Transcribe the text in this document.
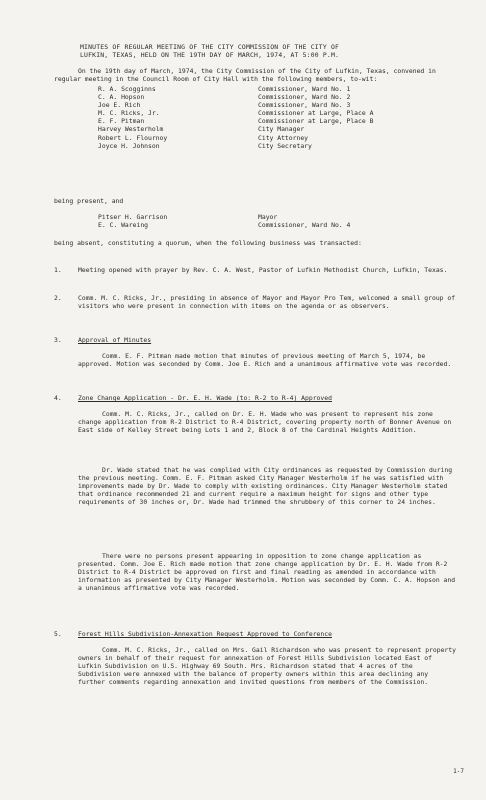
MINUTES OF REGULAR MEETING OF THE CITY COMMISSION OF THE CITY OF
LUFKIN, TEXAS, HELD ON THE 19TH DAY OF MARCH, 1974, AT 5:00 P.M.

On the 19th day of March, 1974, the City Commission of the City of Lufkin, Texas, convened in regular meeting in the Council Room of City Hall with the following members, to-wit:

R. A. Scogginns	Commissioner, Ward No. 1
C. A. Hopson	Commissioner, Ward No. 2
Joe E. Rich	Commissioner, Ward No. 3
M. C. Ricks, Jr.	Commissioner at Large, Place A
E. F. Pitman	Commissioner at Large, Place B
Harvey Westerholm	City Manager
Robert L. Flournoy	City Attorney
Joyce H. Johnson	City Secretary

being present, and

Pitser H. Garrison	Mayor
E. C. Wareing	Commissioner, Ward No. 4

being absent, constituting a quorum, when the following business was transacted:

1.	Meeting opened with prayer by Rev. C. A. West, Pastor of Lufkin Methodist Church, Lufkin, Texas.

2.	Comm. M. C. Ricks, Jr., presiding in absence of Mayor and Mayor Pro Tem, welcomed a small group of visitors who were present in connection with items on the agenda or as observers.

3.	Approval of Minutes

Comm. E. F. Pitman made motion that minutes of previous meeting of March 5, 1974, be approved. Motion was seconded by Comm. Joe E. Rich and a unanimous affirmative vote was recorded.

4.	Zone Change Application - Dr. E. H. Wade (to: R-2 to R-4) Approved

Comm. M. C. Ricks, Jr., called on Dr. E. H. Wade who was present to represent his zone change application from R-2 District to R-4 District, covering property north of Bonner Avenue on East side of Kelley Street being Lots 1 and 2, Block 8 of the Cardinal Heights Addition.

Dr. Wade stated that he was complied with City ordinances as requested by Commission during the previous meeting. Comm. E. F. Pitman asked City Manager Westerholm if he was satisfied with improvements made by Dr. Wade to comply with existing ordinances. City Manager Westerholm stated that ordinance recommended 21 and current require a maximum height for signs and other type requirements of 30 inches or, Dr. Wade had trimmed the shrubbery of this corner to 24 inches.

There were no persons present appearing in opposition to zone change application as presented. Comm. Joe E. Rich made motion that zone change application by Dr. E. H. Wade from R-2 District to R-4 District be approved on first and final reading as amended in accordance with information as presented by City Manager Westerholm. Motion was seconded by Comm. C. A. Hopson and a unanimous affirmative vote was recorded.

5.	Forest Hills Subdivision-Annexation Request Approved to Conference

Comm. M. C. Ricks, Jr., called on Mrs. Gail Richardson who was present to represent property owners in behalf of their request for annexation of Forest Hills Subdivision located East of Lufkin Subdivision on U.S. Highway 69 South. Mrs. Richardson stated that 4 acres of the Subdivision were annexed with the balance of property owners within this area declining any further comments regarding annexation and invited questions from members of the Commission.

1-7
